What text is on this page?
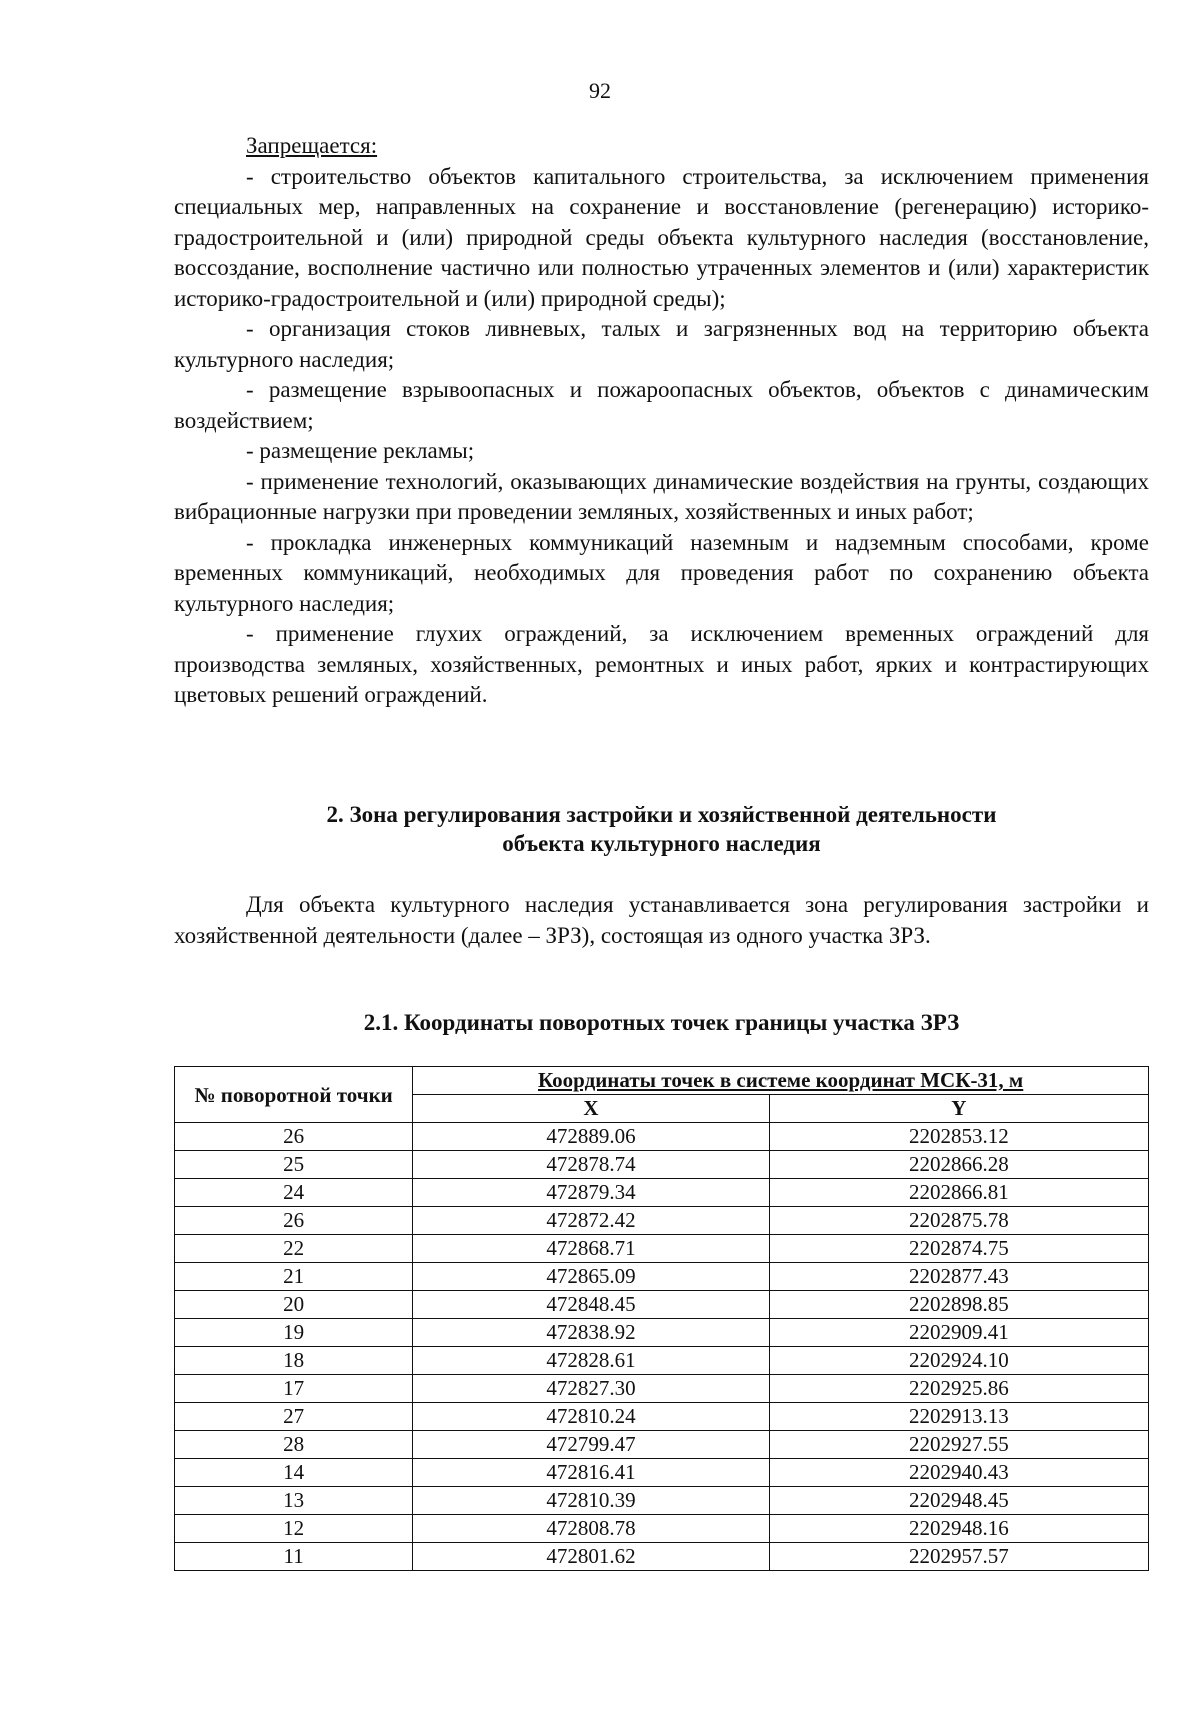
92
Запрещается:

- строительство объектов капитального строительства, за исключением применения специальных мер, направленных на сохранение и восстановление (регенерацию) историко-градостроительной и (или) природной среды объекта культурного наследия (восстановление, воссоздание, восполнение частично или полностью утраченных элементов и (или) характеристик историко-градостроительной и (или) природной среды);

- организация стоков ливневых, талых и загрязненных вод на территорию объекта культурного наследия;

- размещение взрывоопасных и пожароопасных объектов, объектов с динамическим воздействием;

- размещение рекламы;

- применение технологий, оказывающих динамические воздействия на грунты, создающих вибрационные нагрузки при проведении земляных, хозяйственных и иных работ;

- прокладка инженерных коммуникаций наземным и надземным способами, кроме временных коммуникаций, необходимых для проведения работ по сохранению объекта культурного наследия;

- применение глухих ограждений, за исключением временных ограждений для производства земляных, хозяйственных, ремонтных и иных работ, ярких и контрастирующих цветовых решений ограждений.

2. Зона регулирования застройки и хозяйственной деятельности
объекта культурного наследия

Для объекта культурного наследия устанавливается зона регулирования застройки и хозяйственной деятельности (далее – ЗРЗ), состоящая из одного участка ЗРЗ.

2.1. Координаты поворотных точек границы участка ЗРЗ
№ поворотной точки	Координаты точек в системе координат МСК-31, м	
	X	Y
26	472889.06	2202853.12
25	472878.74	2202866.28
24	472879.34	2202866.81
26	472872.42	2202875.78
22	472868.71	2202874.75
21	472865.09	2202877.43
20	472848.45	2202898.85
19	472838.92	2202909.41
18	472828.61	2202924.10
17	472827.30	2202925.86
27	472810.24	2202913.13
28	472799.47	2202927.55
14	472816.41	2202940.43
13	472810.39	2202948.45
12	472808.78	2202948.16
11	472801.62	2202957.57
